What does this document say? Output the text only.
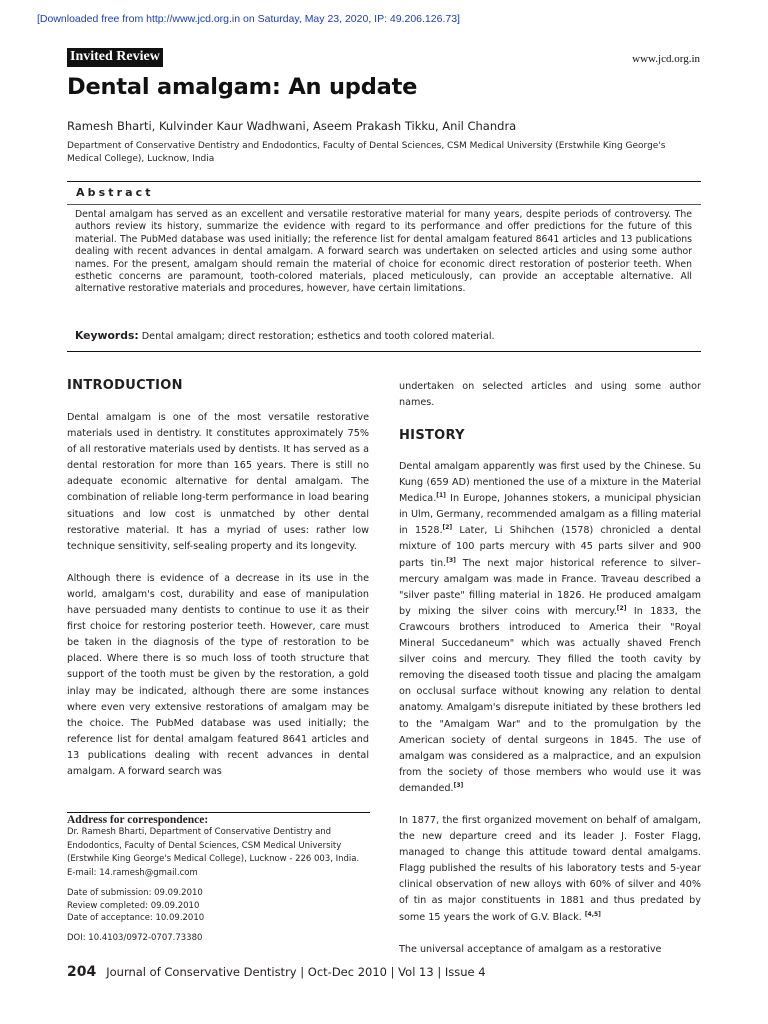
[Downloaded free from http://www.jcd.org.in on Saturday, May 23, 2020, IP: 49.206.126.73]
Invited Review	www.jcd.org.in
Dental amalgam: An update
Ramesh Bharti, Kulvinder Kaur Wadhwani, Aseem Prakash Tikku, Anil Chandra
Department of Conservative Dentistry and Endodontics, Faculty of Dental Sciences, CSM Medical University (Erstwhile King George's Medical College), Lucknow, India
Abstract
Dental amalgam has served as an excellent and versatile restorative material for many years, despite periods of controversy. The authors review its history, summarize the evidence with regard to its performance and offer predictions for the future of this material. The PubMed database was used initially; the reference list for dental amalgam featured 8641 articles and 13 publications dealing with recent advances in dental amalgam. A forward search was undertaken on selected articles and using some author names. For the present, amalgam should remain the material of choice for economic direct restoration of posterior teeth. When esthetic concerns are paramount, tooth-colored materials, placed meticulously, can provide an acceptable alternative. All alternative restorative materials and procedures, however, have certain limitations.
Keywords: Dental amalgam; direct restoration; esthetics and tooth colored material.
INTRODUCTION

Dental amalgam is one of the most versatile restorative materials used in dentistry. It constitutes approximately 75% of all restorative materials used by dentists. It has served as a dental restoration for more than 165 years. There is still no adequate economic alternative for dental amalgam. The combination of reliable long-term performance in load bearing situations and low cost is unmatched by other dental restorative material. It has a myriad of uses: rather low technique sensitivity, self-sealing property and its longevity.

Although there is evidence of a decrease in its use in the world, amalgam's cost, durability and ease of manipulation have persuaded many dentists to continue to use it as their first choice for restoring posterior teeth. However, care must be taken in the diagnosis of the type of restoration to be placed. Where there is so much loss of tooth structure that support of the tooth must be given by the restoration, a gold inlay may be indicated, although there are some instances where even very extensive restorations of amalgam may be the choice. The PubMed database was used initially; the reference list for dental amalgam featured 8641 articles and 13 publications dealing with recent advances in dental amalgam. A forward search was

Address for correspondence:
Dr. Ramesh Bharti, Department of Conservative Dentistry and Endodontics, Faculty of Dental Sciences, CSM Medical University (Erstwhile King George's Medical College), Lucknow - 226 003, India. E-mail: 14.ramesh@gmail.com
Date of submission: 09.09.2010
Review completed: 09.09.2010
Date of acceptance: 10.09.2010
DOI: 10.4103/0972-0707.73380
undertaken on selected articles and using some author names.
HISTORY

Dental amalgam apparently was first used by the Chinese. Su Kung (659 AD) mentioned the use of a mixture in the Material Medica.[1] In Europe, Johannes stokers, a municipal physician in Ulm, Germany, recommended amalgam as a filling material in 1528.[2] Later, Li Shihchen (1578) chronicled a dental mixture of 100 parts mercury with 45 parts silver and 900 parts tin.[3] The next major historical reference to silver–mercury amalgam was made in France. Traveau described a "silver paste" filling material in 1826. He produced amalgam by mixing the silver coins with mercury.[2] In 1833, the Crawcours brothers introduced to America their "Royal Mineral Succedaneum" which was actually shaved French silver coins and mercury. They filled the tooth cavity by removing the diseased tooth tissue and placing the amalgam on occlusal surface without knowing any relation to dental anatomy. Amalgam's disrepute initiated by these brothers led to the "Amalgam War" and to the promulgation by the American society of dental surgeons in 1845. The use of amalgam was considered as a malpractice, and an expulsion from the society of those members who would use it was demanded.[3]

In 1877, the first organized movement on behalf of amalgam, the new departure creed and its leader J. Foster Flagg, managed to change this attitude toward dental amalgams. Flagg published the results of his laboratory tests and 5-year clinical observation of new alloys with 60% of silver and 40% of tin as major constituents in 1881 and thus predated by some 15 years the work of G.V. Black. [4,5]

The universal acceptance of amalgam as a restorative

204 Journal of Conservative Dentistry | Oct-Dec 2010 | Vol 13 | Issue 4
